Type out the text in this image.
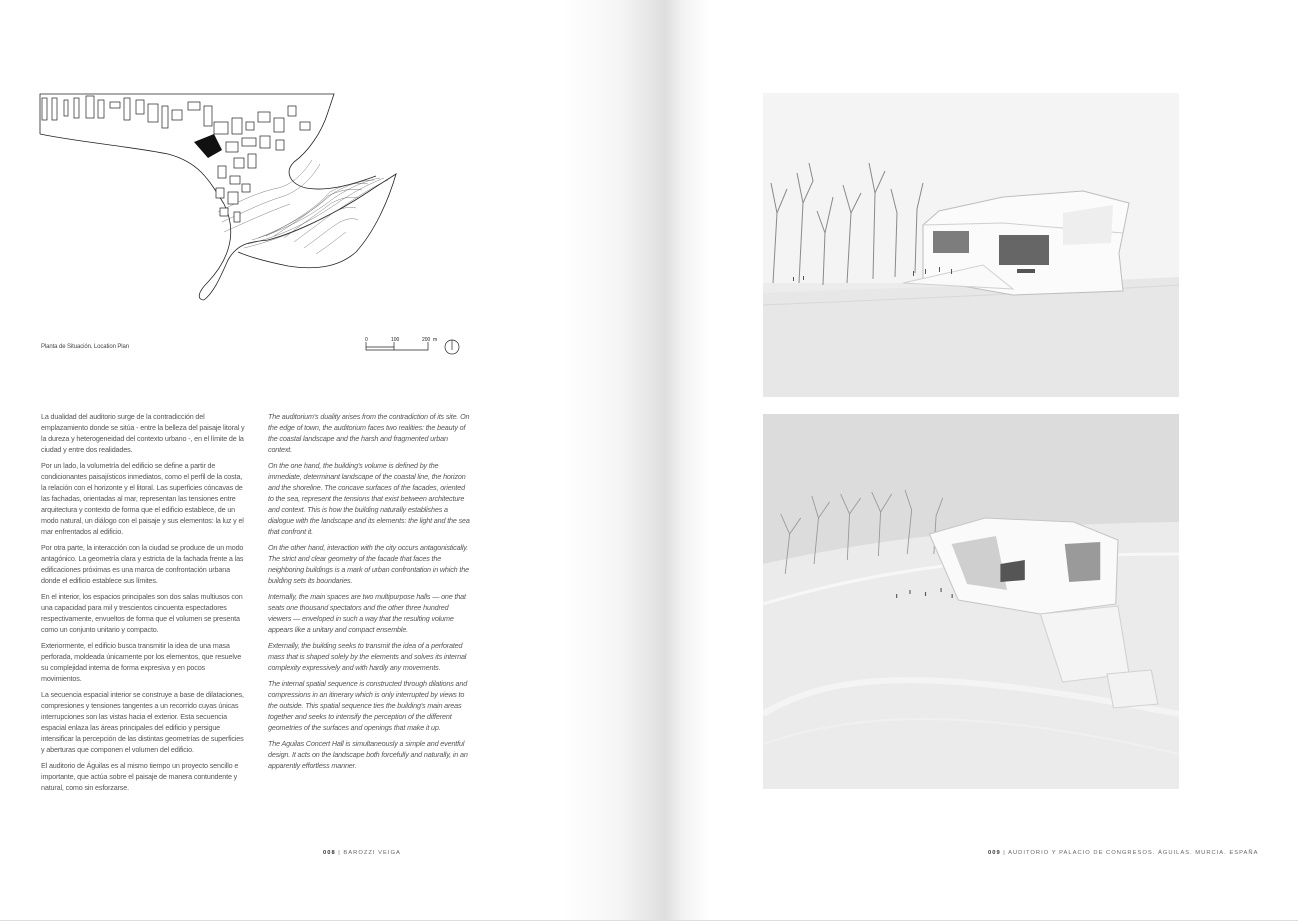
Planta de Situación. Location Plan
0	100	200 m

La dualidad del auditorio surge de la contradicción del emplazamiento donde se sitúa - entre la belleza del paisaje litoral y la dureza y heterogeneidad del contexto urbano -, en el límite de la ciudad y entre dos realidades.

Por un lado, la volumetría del edificio se define a partir de condicionantes paisajísticos inmediatos, como el perfil de la costa, la relación con el horizonte y el litoral. Las superficies cóncavas de las fachadas, orientadas al mar, representan las tensiones entre arquitectura y contexto de forma que el edificio establece, de un modo natural, un diálogo con el paisaje y sus elementos: la luz y el mar enfrentados al edificio.

Por otra parte, la interacción con la ciudad se produce de un modo antagónico. La geometría clara y estricta de la fachada frente a las edificaciones próximas es una marca de confrontación urbana donde el edificio establece sus límites.

En el interior, los espacios principales son dos salas multiusos con una capacidad para mil y trescientos cincuenta espectadores respectivamente, envueltos de forma que el volumen se presenta como un conjunto unitario y compacto.

Exteriormente, el edificio busca transmitir la idea de una masa perforada, moldeada únicamente por los elementos, que resuelve su complejidad interna de forma expresiva y en pocos movimientos.

La secuencia espacial interior se construye a base de dilataciones, compresiones y tensiones tangentes a un recorrido cuyas únicas interrupciones son las vistas hacia el exterior. Esta secuencia espacial enlaza las áreas principales del edificio y persigue intensificar la percepción de las distintas geometrías de superficies y aberturas que componen el volumen del edificio.

El auditorio de Águilas es al mismo tiempo un proyecto sencillo e importante, que actúa sobre el paisaje de manera contundente y natural, como sin esforzarse.

The auditorium's duality arises from the contradiction of its site. On the edge of town, the auditorium faces two realities: the beauty of the coastal landscape and the harsh and fragmented urban context.

On the one hand, the building's volume is defined by the immediate, determinant landscape of the coastal line, the horizon and the shoreline. The concave surfaces of the facades, oriented to the sea, represent the tensions that exist between architecture and context. This is how the building naturally establishes a dialogue with the landscape and its elements: the light and the sea that confront it.

On the other hand, interaction with the city occurs antagonistically. The strict and clear geometry of the facade that faces the neighboring buildings is a mark of urban confrontation in which the building sets its boundaries.

Internally, the main spaces are two multipurpose halls — one that seats one thousand spectators and the other three hundred viewers — enveloped in such a way that the resulting volume appears like a unitary and compact ensemble.

Externally, the building seeks to transmit the idea of a perforated mass that is shaped solely by the elements and solves its internal complexity expressively and with hardly any movements.

The internal spatial sequence is constructed through dilations and compressions in an itinerary which is only interrupted by views to the outside. This spatial sequence ties the building's main areas together and seeks to intensify the perception of the different geometries of the surfaces and openings that make it up.

The Aguilas Concert Hall is simultaneously a simple and eventful design. It acts on the landscape both forcefully and naturally, in an apparently effortless manner.

008 | BAROZZI VEIGA	009 | AUDITORIO Y PALACIO DE CONGRESOS. ÁGUILAS. MURCIA. ESPAÑA
